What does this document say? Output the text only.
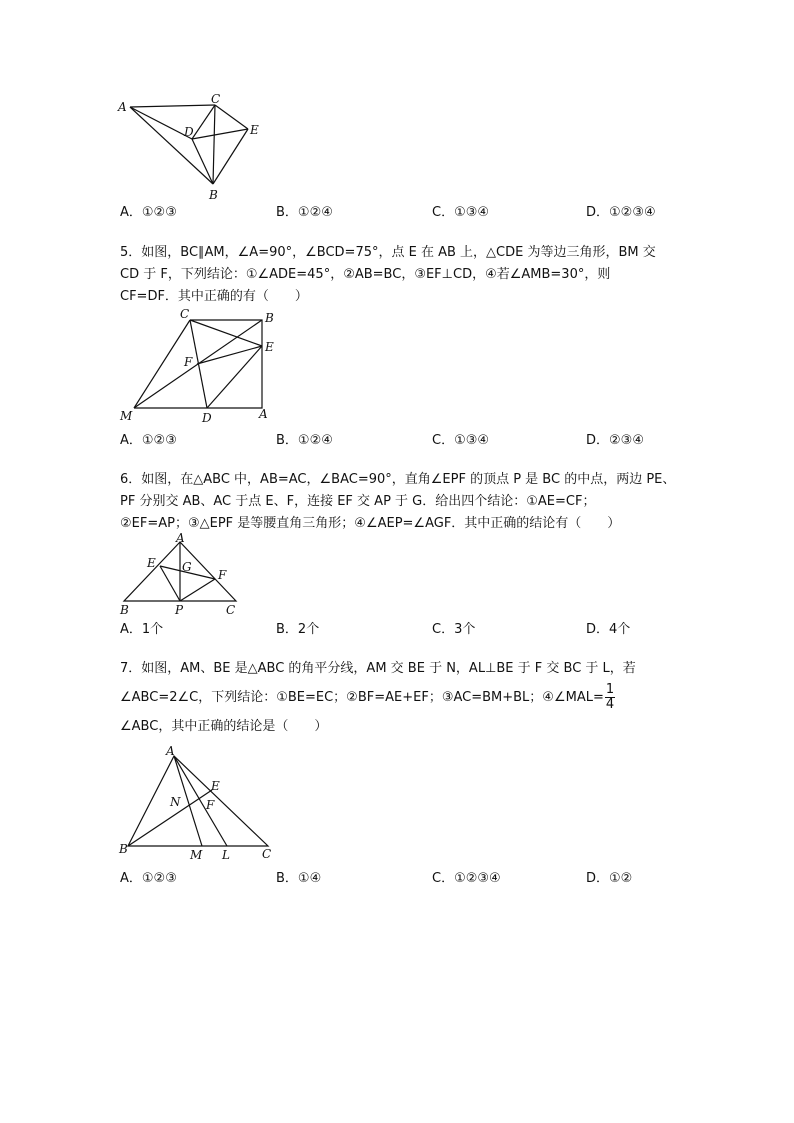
A
C
D	E
B
A．①②③	B．①②④	C．①③④	D．①②③④
5．如图，BC∥AM，∠A=90°，∠BCD=75°，点 E 在 AB 上，△CDE 为等边三角形，BM 交
CD 于 F，下列结论：①∠ADE=45°，②AB=BC，③EF⊥CD，④若∠AMB=30°，则
CF=DF．其中正确的有（　　）
C	B
E
F
M	D	A
A．①②③	B．①②④	C．①③④	D．②③④
6．如图，在△ABC 中，AB=AC，∠BAC=90°，直角∠EPF 的顶点 P 是 BC 的中点，两边 PE、
PF 分别交 AB、AC 于点 E、F，连接 EF 交 AP 于 G．给出四个结论：①AE=CF；
②EF=AP；③△EPF 是等腰直角三角形；④∠AEP=∠AGF．其中正确的结论有（　　）
A
E G
F
B	P	C
A．1个	B．2个	C．3个	D．4个
7．如图，AM、BE 是△ABC 的角平分线，AM 交 BE 于 N，AL⊥BE 于 F 交 BC 于 L，若
∠ABC=2∠C，下列结论：①BE=EC；②BF=AE+EF；③AC=BM+BL；④∠MAL= $\frac{1}{4}$
∠ABC，其中正确的结论是（　　）
A
E
N F
B	M L	C
A．①②③	B．①④	C．①②③④	D．①②
